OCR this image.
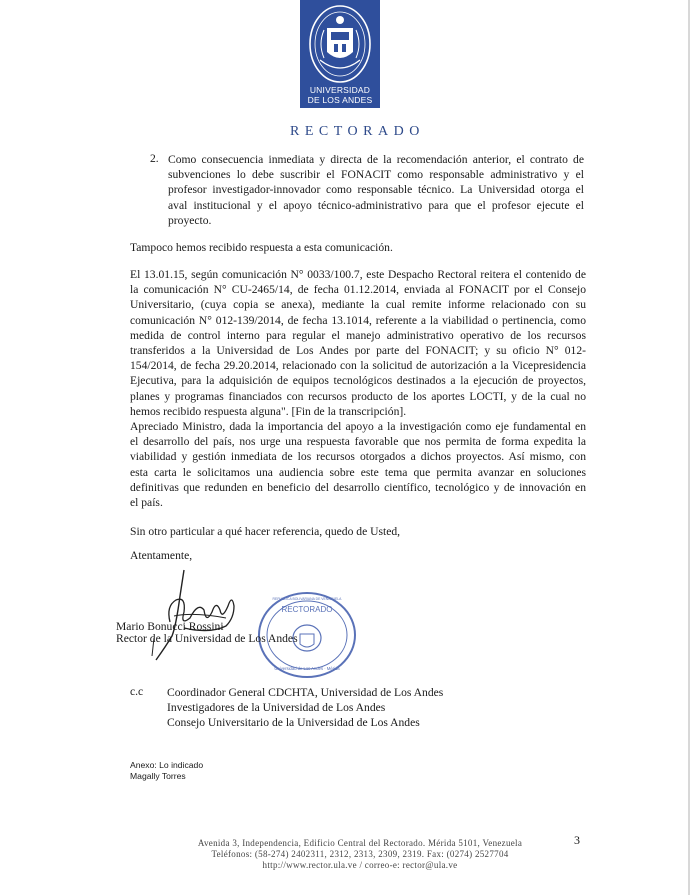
UNIVERSIDAD
DE LOS ANDES
RECTORADO
2. Como consecuencia inmediata y directa de la recomendación anterior, el contrato de
subvenciones lo debe suscribir el FONACIT como responsable administrativo y el
profesor investigador-innovador como responsable técnico. La Universidad otorga el
aval institucional y el apoyo técnico-administrativo para que el profesor ejecute el
proyecto.
Tampoco hemos recibido respuesta a esta comunicación.
El 13.01.15, según comunicación N° 0033/100.7, este Despacho Rectoral reitera el contenido de
la comunicación N° CU-2465/14, de fecha 01.12.2014, enviada al FONACIT por el Consejo
Universitario, (cuya copia se anexa), mediante la cual remite informe relacionado con su
comunicación N° 012-139/2014, de fecha 13.1014, referente a la viabilidad o pertinencia, como
medida de control interno para regular el manejo administrativo operativo de los recursos
transferidos a la Universidad de Los Andes por parte del FONACIT; y su oficio N° 012-
154/2014, de fecha 29.20.2014, relacionado con la solicitud de autorización a la Vicepresidencia
Ejecutiva, para la adquisición de equipos tecnológicos destinados a la ejecución de proyectos,
planes y programas financiados con recursos producto de los aportes LOCTI, y de la cual no
hemos recibido respuesta alguna". [Fin de la transcripción].
Apreciado Ministro, dada la importancia del apoyo a la investigación como eje fundamental en
el desarrollo del país, nos urge una respuesta favorable que nos permita de forma expedita la
viabilidad y gestión inmediata de los recursos otorgados a dichos proyectos. Así mismo, con
esta carta le solicitamos una audiencia sobre este tema que permita avanzar en soluciones
definitivas que redunden en beneficio del desarrollo científico, tecnológico y de innovación en
el país.
Sin otro particular a qué hacer referencia, quedo de Usted,
Atentamente,
RECTORADO
REPUBLICA BOLIVARIANA DE VENEZUELA
Universidad de Los Andes · Mérida
Mario Bonucci Rossini
Rector de la Universidad de Los Andes
c.c Coordinador General CDCHTA, Universidad de Los Andes
Investigadores de la Universidad de Los Andes
Consejo Universitario de la Universidad de Los Andes
Anexo: Lo indicado
Magally Torres
Avenida 3, Independencia, Edificio Central del Rectorado. Mérida 5101, Venezuela
Teléfonos: (58-274) 2402311, 2312, 2313, 2309, 2319. Fax: (0274) 2527704
http://www.rector.ula.ve / correo-e: rector@ula.ve
3
